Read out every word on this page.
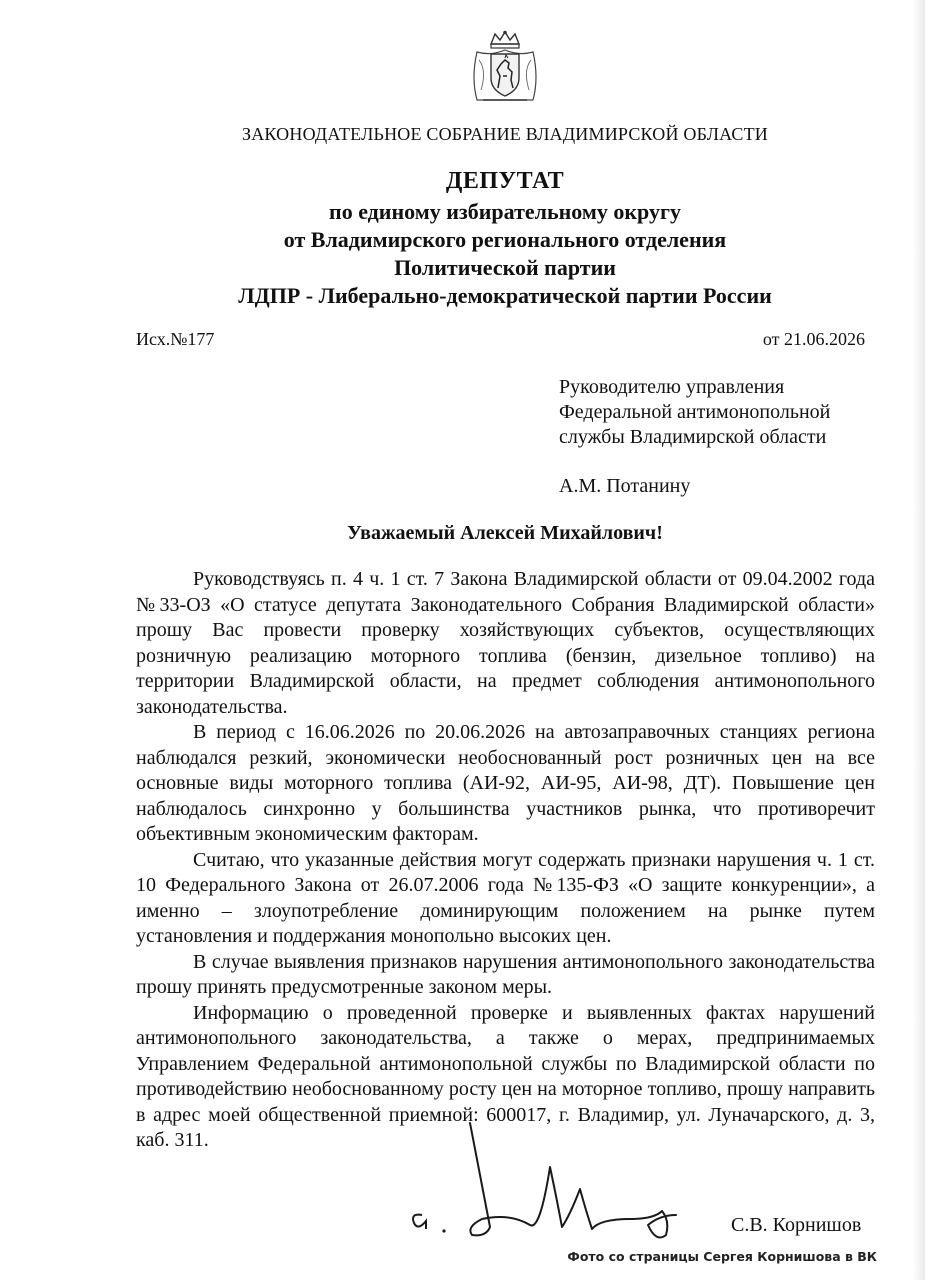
ЗАКОНОДАТЕЛЬНОЕ СОБРАНИЕ ВЛАДИМИРСКОЙ ОБЛАСТИ
ДЕПУТАТ
по единому избирательному округу
от Владимирского регионального отделения
Политической партии
ЛДПР - Либерально-демократической партии России
Исх.№177	от 21.06.2026
Руководителю управления
Федеральной антимонопольной
службы Владимирской области
А.М. Потанину
Уважаемый Алексей Михайлович!

Руководствуясь п. 4 ч. 1 ст. 7 Закона Владимирской области от 09.04.2002 года №33-ОЗ «О статусе депутата Законодательного Собрания Владимирской области» прошу Вас провести проверку хозяйствующих субъектов, осуществляющих розничную реализацию моторного топлива (бензин, дизельное топливо) на территории Владимирской области, на предмет соблюдения антимонопольного законодательства.

В период с 16.06.2026 по 20.06.2026 на автозаправочных станциях региона наблюдался резкий, экономически необоснованный рост розничных цен на все основные виды моторного топлива (АИ-92, АИ-95, АИ-98, ДТ). Повышение цен наблюдалось синхронно у большинства участников рынка, что противоречит объективным экономическим факторам.

Считаю, что указанные действия могут содержать признаки нарушения ч. 1 ст. 10 Федерального Закона от 26.07.2006 года №135-ФЗ «О защите конкуренции», а именно – злоупотребление доминирующим положением на рынке путем установления и поддержания монопольно высоких цен.

В случае выявления признаков нарушения антимонопольного законодательства прошу принять предусмотренные законом меры.

Информацию о проведенной проверке и выявленных фактах нарушений антимонопольного законодательства, а также о мерах, предпринимаемых Управлением Федеральной антимонопольной службы по Владимирской области по противодействию необоснованному росту цен на моторное топливо, прошу направить в адрес моей общественной приемной: 600017, г. Владимир, ул. Луначарского, д. 3, каб. 311.

С.В. Корнишов
Фото со страницы Сергея Корнишова в ВК
